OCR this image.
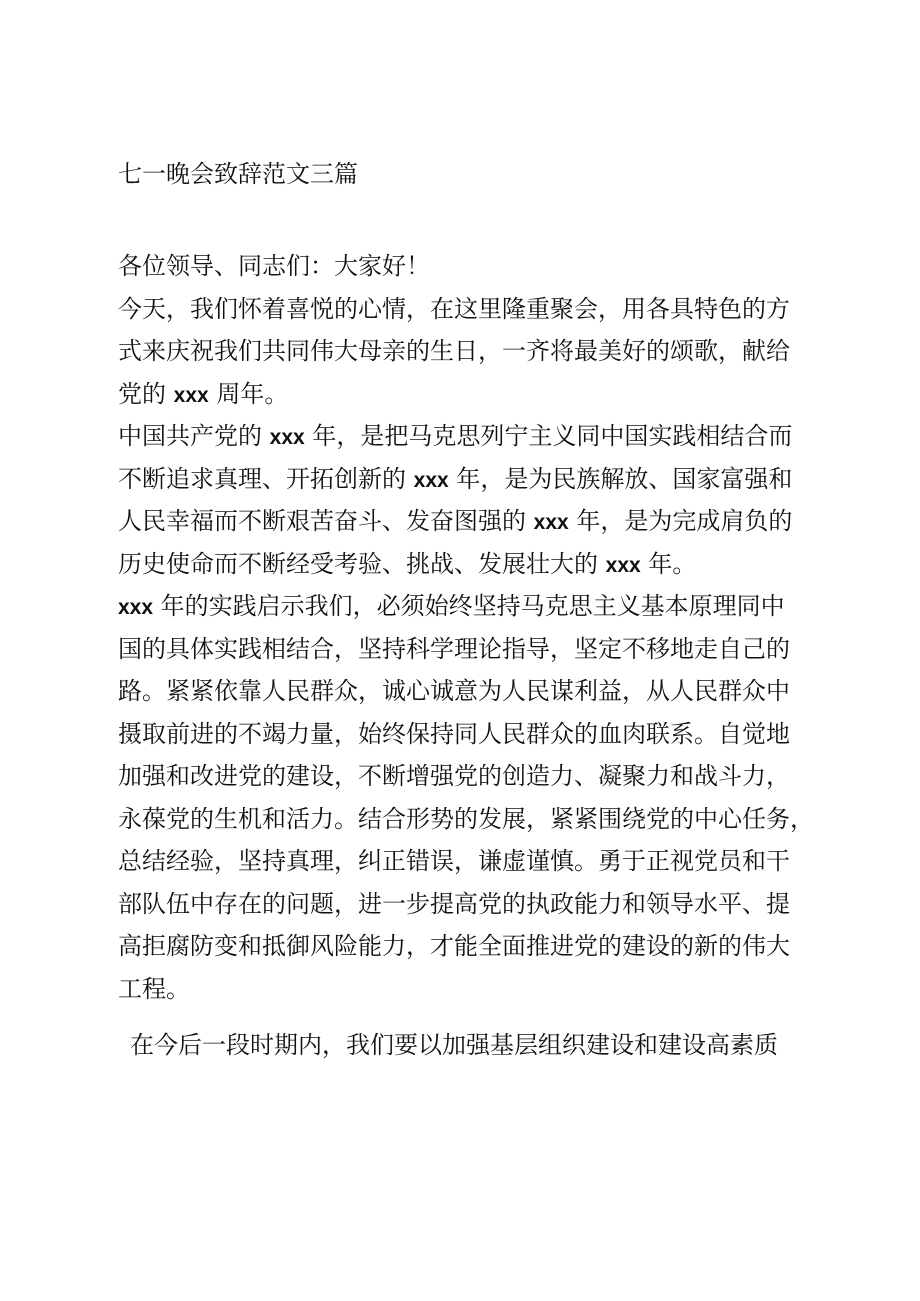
七一晚会致辞范文三篇
各位领导、同志们：大家好！
今天，我们怀着喜悦的心情，在这里隆重聚会，用各具特色的方
式来庆祝我们共同伟大母亲的生日，一齐将最美好的颂歌，献给
党的 xxx 周年。
中国共产党的 xxx 年，是把马克思列宁主义同中国实践相结合而
不断追求真理、开拓创新的 xxx 年，是为民族解放、国家富强和
人民幸福而不断艰苦奋斗、发奋图强的 xxx 年，是为完成肩负的
历史使命而不断经受考验、挑战、发展壮大的 xxx 年。
xxx 年的实践启示我们，必须始终坚持马克思主义基本原理同中
国的具体实践相结合，坚持科学理论指导，坚定不移地走自己的
路。紧紧依靠人民群众，诚心诚意为人民谋利益，从人民群众中
摄取前进的不竭力量，始终保持同人民群众的血肉联系。自觉地
加强和改进党的建设，不断增强党的创造力、凝聚力和战斗力，
永葆党的生机和活力。结合形势的发展，紧紧围绕党的中心任务，
总结经验，坚持真理，纠正错误，谦虚谨慎。勇于正视党员和干
部队伍中存在的问题，进一步提高党的执政能力和领导水平、提
高拒腐防变和抵御风险能力，才能全面推进党的建设的新的伟大
工程。
在今后一段时期内，我们要以加强基层组织建设和建设高素质
